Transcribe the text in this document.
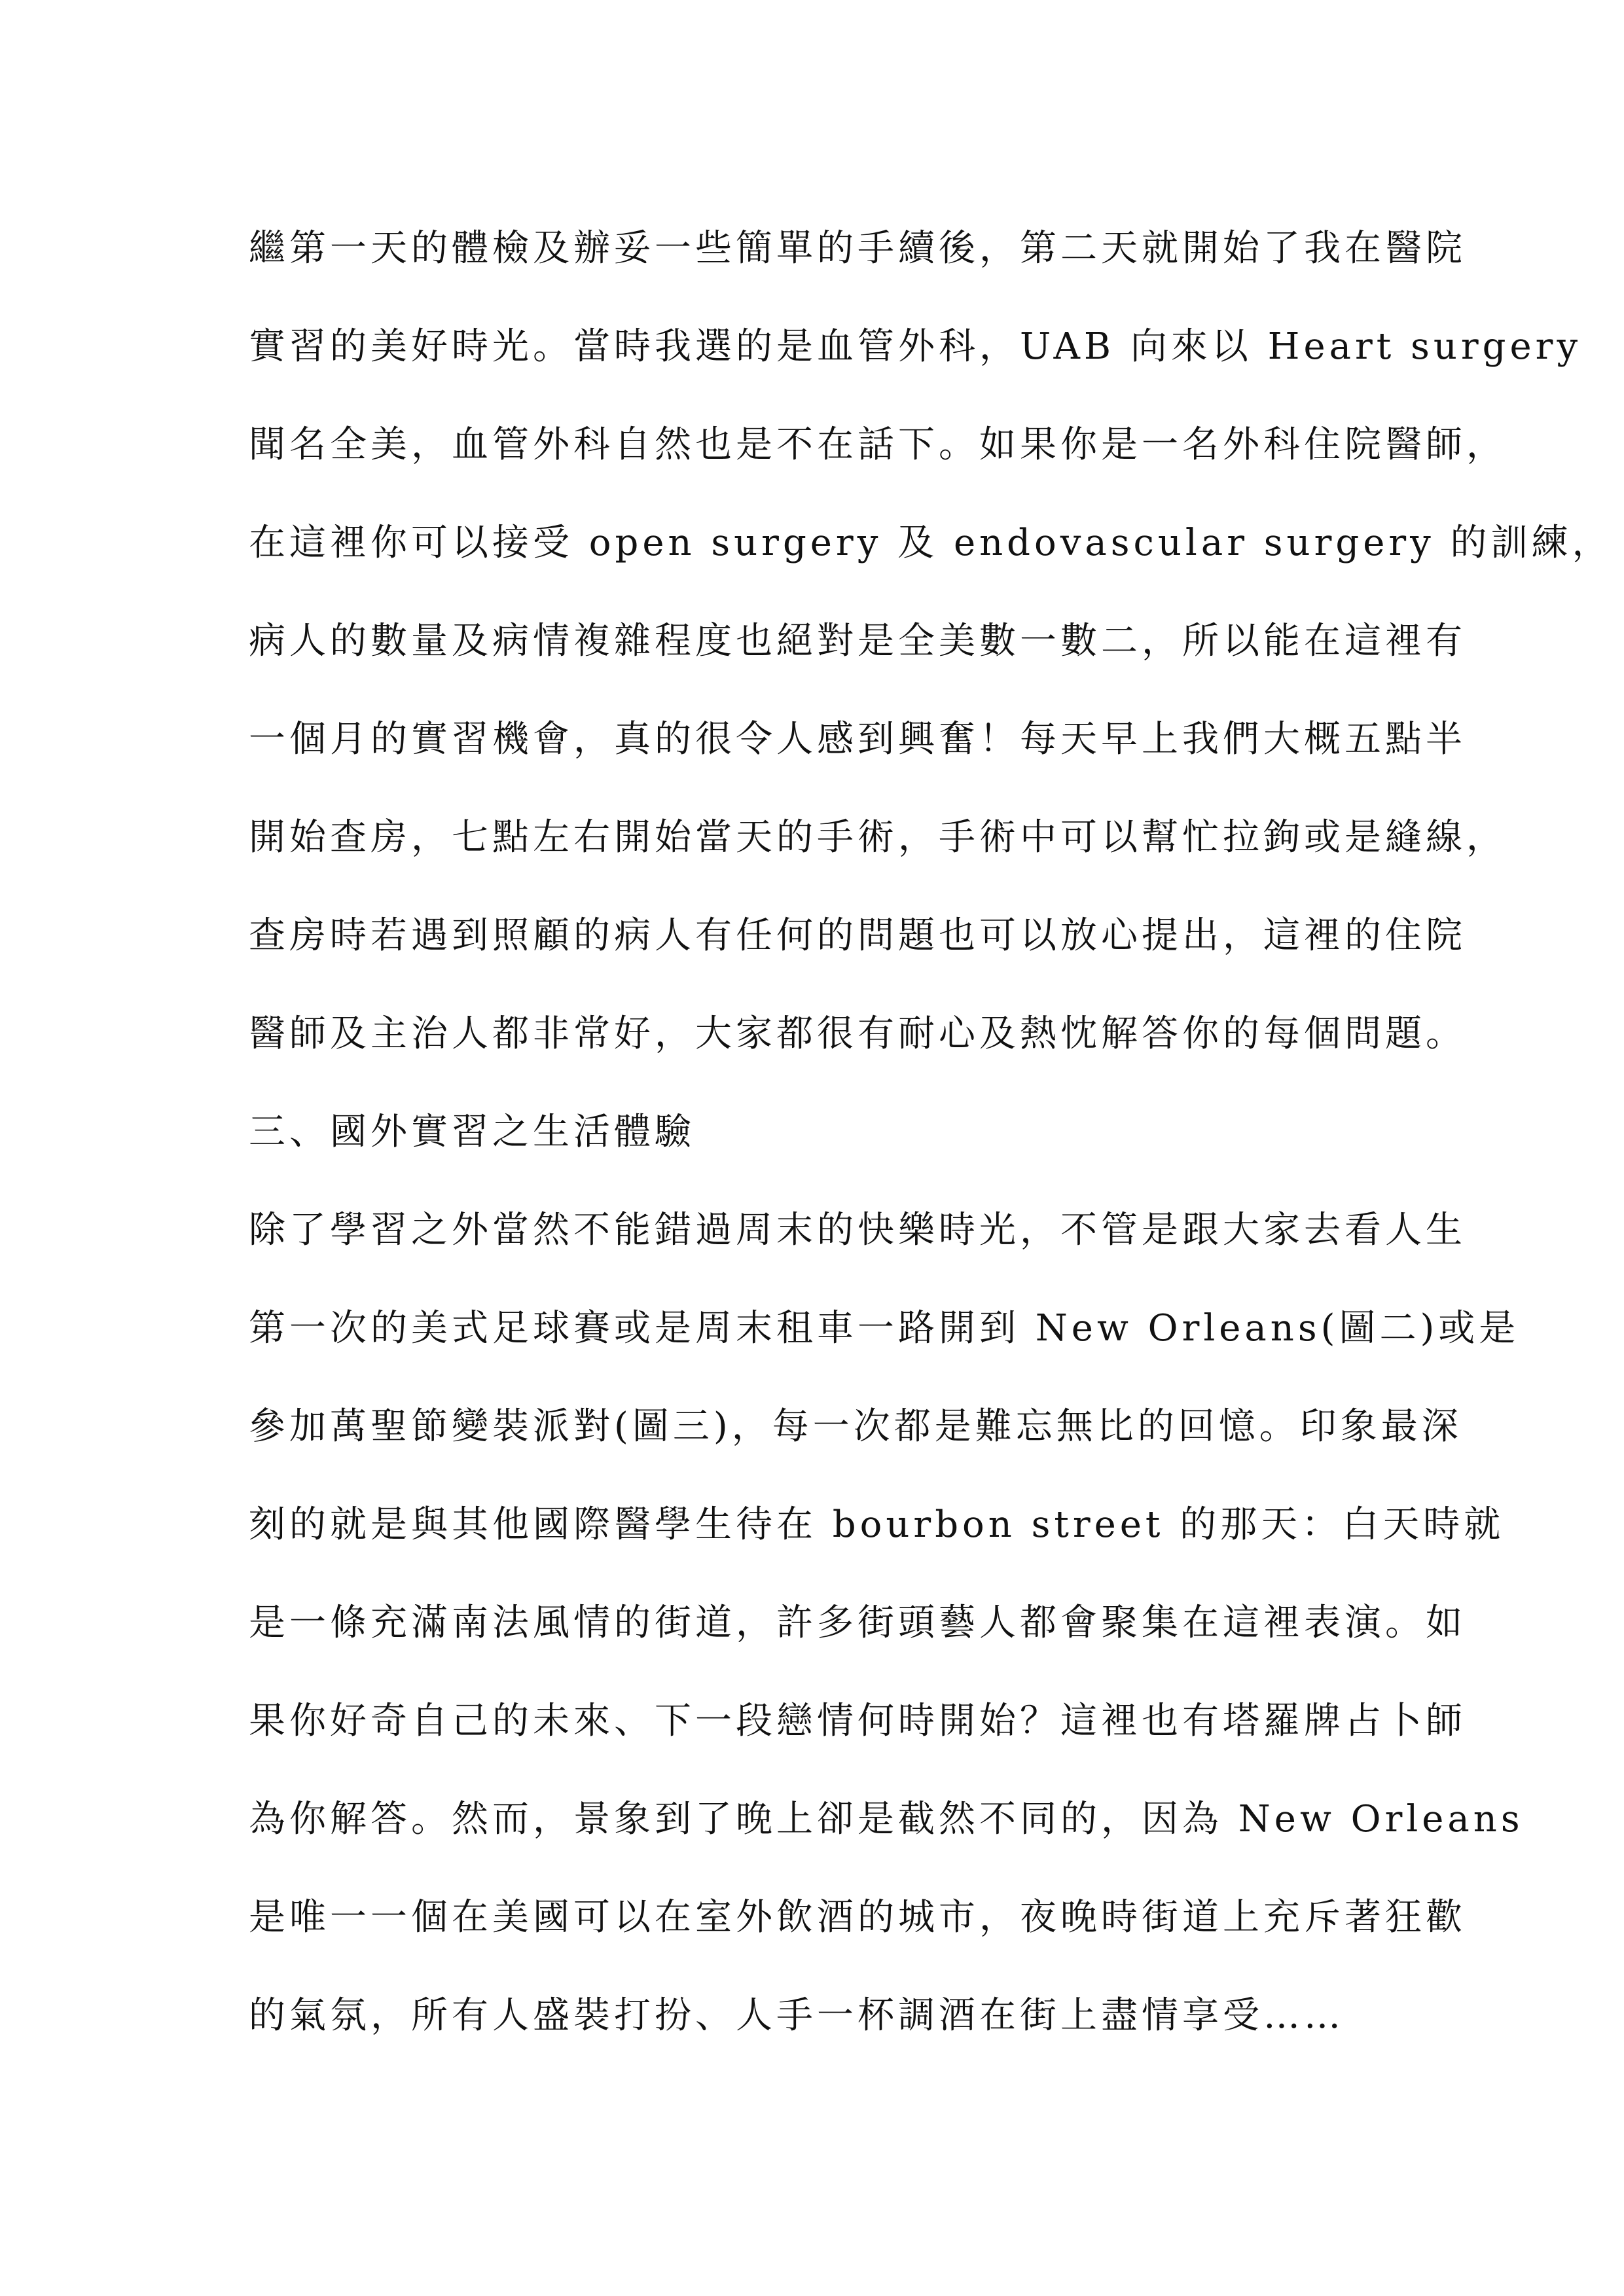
繼第一天的體檢及辦妥一些簡單的手續後，第二天就開始了我在醫院
實習的美好時光。當時我選的是血管外科，UAB 向來以 Heart surgery
聞名全美，血管外科自然也是不在話下。如果你是一名外科住院醫師，
在這裡你可以接受 open surgery 及 endovascular surgery 的訓練，
病人的數量及病情複雜程度也絕對是全美數一數二，所以能在這裡有
一個月的實習機會，真的很令人感到興奮！每天早上我們大概五點半
開始查房，七點左右開始當天的手術，手術中可以幫忙拉鉤或是縫線，
查房時若遇到照顧的病人有任何的問題也可以放心提出，這裡的住院
醫師及主治人都非常好，大家都很有耐心及熱忱解答你的每個問題。
三、國外實習之生活體驗
除了學習之外當然不能錯過周末的快樂時光，不管是跟大家去看人生
第一次的美式足球賽或是周末租車一路開到 New Orleans(圖二)或是
參加萬聖節變裝派對(圖三)，每一次都是難忘無比的回憶。印象最深
刻的就是與其他國際醫學生待在 bourbon street 的那天：白天時就
是一條充滿南法風情的街道，許多街頭藝人都會聚集在這裡表演。如
果你好奇自己的未來、下一段戀情何時開始？這裡也有塔羅牌占卜師
為你解答。然而，景象到了晚上卻是截然不同的，因為 New Orleans
是唯一一個在美國可以在室外飲酒的城市，夜晚時街道上充斥著狂歡
的氣氛，所有人盛裝打扮、人手一杯調酒在街上盡情享受……
